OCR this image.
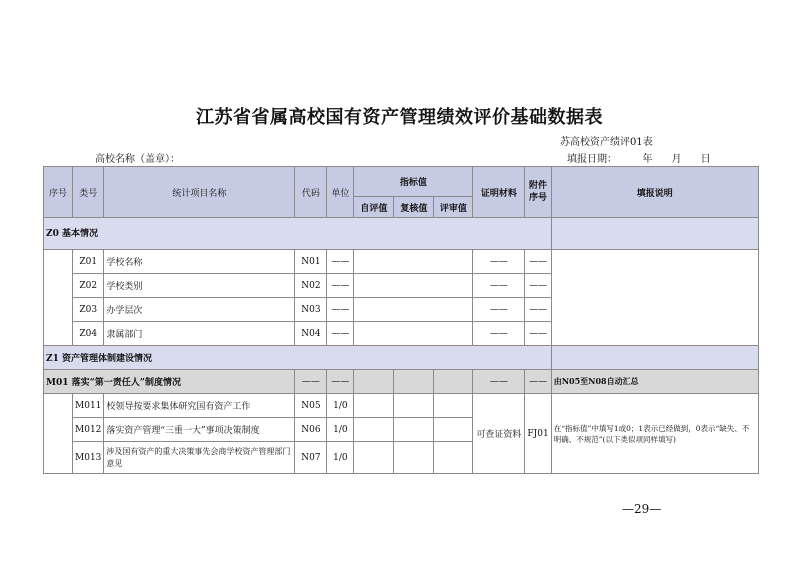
江苏省省属高校国有资产管理绩效评价基础数据表
苏高校资产绩评01表
高校名称（盖章）：	填报日期：	年 月 日
序号	类号	统计项目名称	代码	单位	指标值			证明材料	附件序号	填报说明
					自评值	复核值	评审值			
Z0 基本情况										
	Z01	学校名称	N01	——				——	——	
	Z02	学校类别	N02	——				——	——	
	Z03	办学层次	N03	——				——	——	
	Z04	隶属部门	N04	——				——	——	
Z1 资产管理体制建设情况										
M01 落实“第一责任人”制度情况			——	——				——	——	由N05至N08自动汇总
	M011	校领导按要求集体研究国有资产工作	N05	1/0				可查证资料	FJ01	在“指标值”中填写1或0；1表示已经做到，0表示“缺失、不明确、不规范”(以下类似项同样填写)
	M012	落实资产管理“三重一大”事项决策制度	N06	1/0						
	M013	涉及国有资产的重大决策事先会商学校资产管理部门意见	N07	1/0						
—29—
